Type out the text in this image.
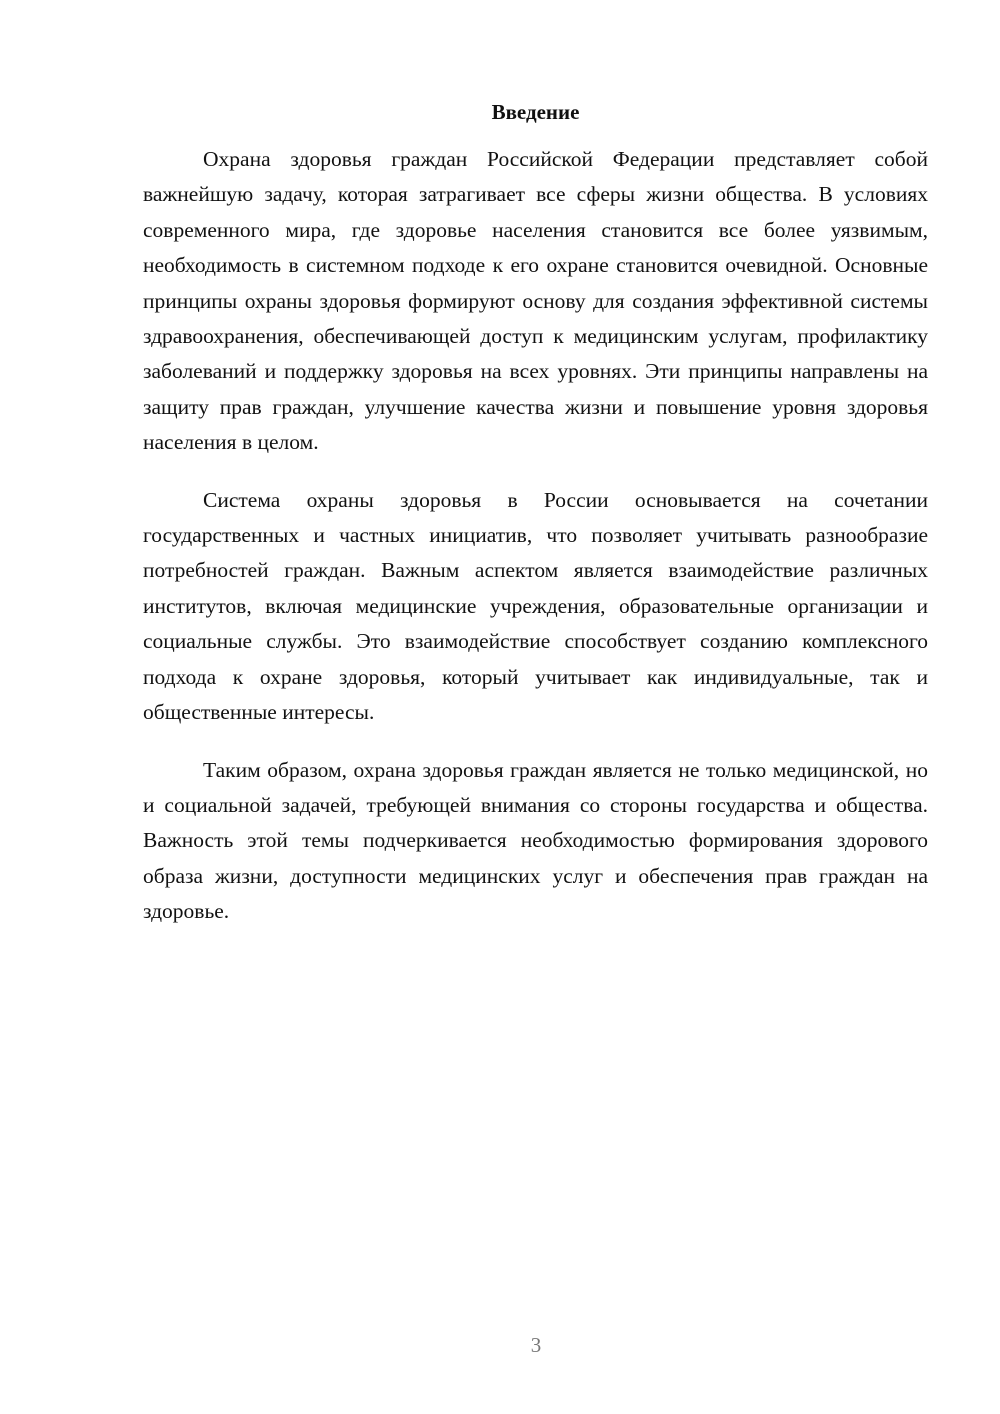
Введение

Охрана здоровья граждан Российской Федерации представляет собой важнейшую задачу, которая затрагивает все сферы жизни общества. В условиях современного мира, где здоровье населения становится все более уязвимым, необходимость в системном подходе к его охране становится очевидной. Основные принципы охраны здоровья формируют основу для создания эффективной системы здравоохранения, обеспечивающей доступ к медицинским услугам, профилактику заболеваний и поддержку здоровья на всех уровнях. Эти принципы направлены на защиту прав граждан, улучшение качества жизни и повышение уровня здоровья населения в целом.

Система охраны здоровья в России основывается на сочетании государственных и частных инициатив, что позволяет учитывать разнообразие потребностей граждан. Важным аспектом является взаимодействие различных институтов, включая медицинские учреждения, образовательные организации и социальные службы. Это взаимодействие способствует созданию комплексного подхода к охране здоровья, который учитывает как индивидуальные, так и общественные интересы.

Таким образом, охрана здоровья граждан является не только медицинской, но и социальной задачей, требующей внимания со стороны государства и общества. Важность этой темы подчеркивается необходимостью формирования здорового образа жизни, доступности медицинских услуг и обеспечения прав граждан на здоровье.

3
